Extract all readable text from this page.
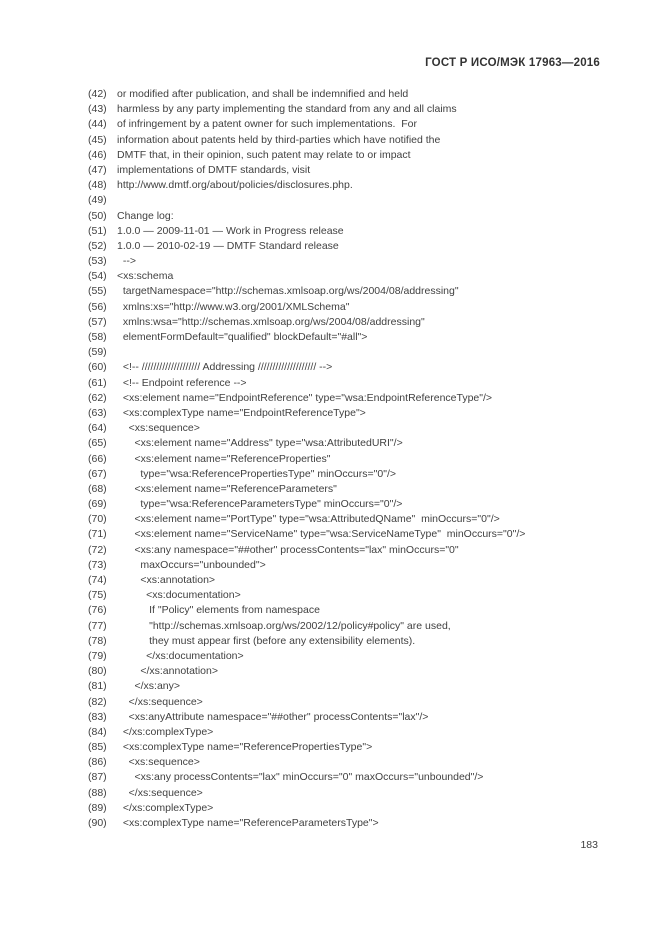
ГОСТ Р ИСО/МЭК 17963—2016
(42) or modified after publication, and shall be indemnified and held
(43) harmless by any party implementing the standard from any and all claims
(44) of infringement by a patent owner for such implementations.  For
(45) information about patents held by third-parties which have notified the
(46) DMTF that, in their opinion, such patent may relate to or impact
(47) implementations of DMTF standards, visit
(48) http://www.dmtf.org/about/policies/disclosures.php.
(49)
(50) Change log:
(51) 1.0.0 — 2009-11-01 — Work in Progress release
(52) 1.0.0 — 2010-02-19 — DMTF Standard release
(53) -->
(54) <xs:schema
(55) targetNamespace="http://schemas.xmlsoap.org/ws/2004/08/addressing"
(56) xmlns:xs="http://www.w3.org/2001/XMLSchema"
(57) xmlns:wsa="http://schemas.xmlsoap.org/ws/2004/08/addressing"
(58) elementFormDefault="qualified" blockDefault="#all">
(59)
(60) <!-- //////////////////// Addressing //////////////////// -->
(61) <!-- Endpoint reference -->
(62) <xs:element name="EndpointReference" type="wsa:EndpointReferenceType"/>
(63) <xs:complexType name="EndpointReferenceType">
(64) <xs:sequence>
(65) <xs:element name="Address" type="wsa:AttributedURI"/>
(66) <xs:element name="ReferenceProperties"
(67) type="wsa:ReferencePropertiesType" minOccurs="0"/>
(68) <xs:element name="ReferenceParameters"
(69) type="wsa:ReferenceParametersType" minOccurs="0"/>
(70) <xs:element name="PortType" type="wsa:AttributedQName"  minOccurs="0"/>
(71) <xs:element name="ServiceName" type="wsa:ServiceNameType"  minOccurs="0"/>
(72) <xs:any namespace="##other" processContents="lax" minOccurs="0"
(73) maxOccurs="unbounded">
(74) <xs:annotation>
(75) <xs:documentation>
(76) If "Policy" elements from namespace
(77) "http://schemas.xmlsoap.org/ws/2002/12/policy#policy" are used,
(78) they must appear first (before any extensibility elements).
(79) </xs:documentation>
(80) </xs:annotation>
(81) </xs:any>
(82) </xs:sequence>
(83) <xs:anyAttribute namespace="##other" processContents="lax"/>
(84) </xs:complexType>
(85) <xs:complexType name="ReferencePropertiesType">
(86) <xs:sequence>
(87) <xs:any processContents="lax" minOccurs="0" maxOccurs="unbounded"/>
(88) </xs:sequence>
(89) </xs:complexType>
(90) <xs:complexType name="ReferenceParametersType">
183
